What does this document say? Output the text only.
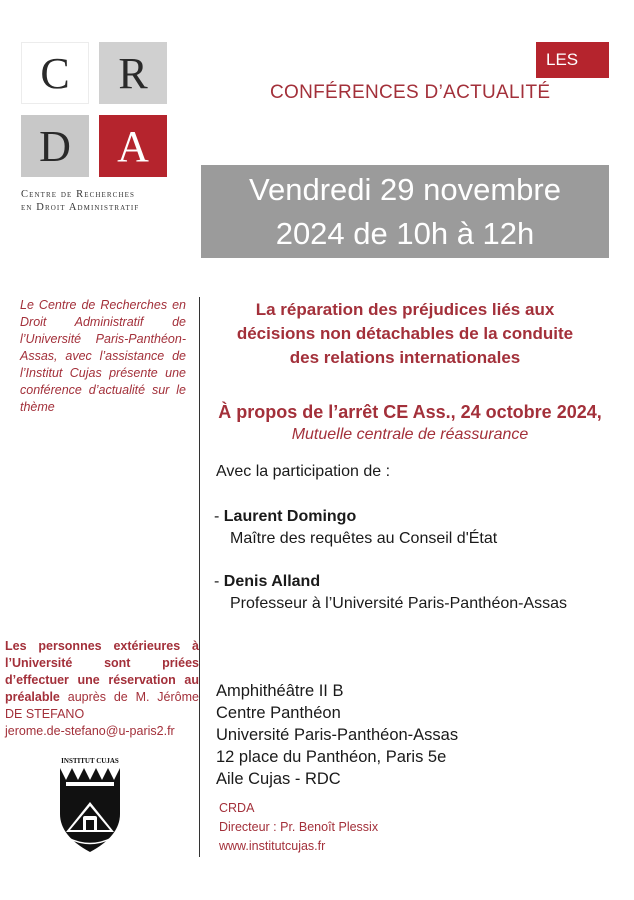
C	R
D	A
Centre de Recherches
en Droit Administratif
LES
CONFÉRENCES D’ACTUALITÉ
Vendredi 29 novembre
2024 de 10h à 12h
Le Centre de Recherches en Droit Administratif de l’Université Paris-Panthéon-Assas, avec l’assistance de l’Institut Cujas présente une conférence d’actualité sur le thème
La réparation des préjudices liés aux
décisions non détachables de la conduite
des relations internationales
À propos de l’arrêt CE Ass., 24 octobre 2024,
Mutuelle centrale de réassurance
Avec la participation de :
- Laurent Domingo
Maître des requêtes au Conseil d'État
- Denis Alland
Professeur à l’Université Paris-Panthéon-Assas
Amphithéâtre II B
Centre Panthéon
Université Paris-Panthéon-Assas
12 place du Panthéon, Paris 5e
Aile Cujas - RDC
Les personnes extérieures à l’Université sont priées d’effectuer une réservation au préalable auprès de M. Jérôme DE STEFANO
jerome.de-stefano@u-paris2.fr
INSTITUT CUJAS
CRDA
Directeur : Pr. Benoît Plessix
www.institutcujas.fr
